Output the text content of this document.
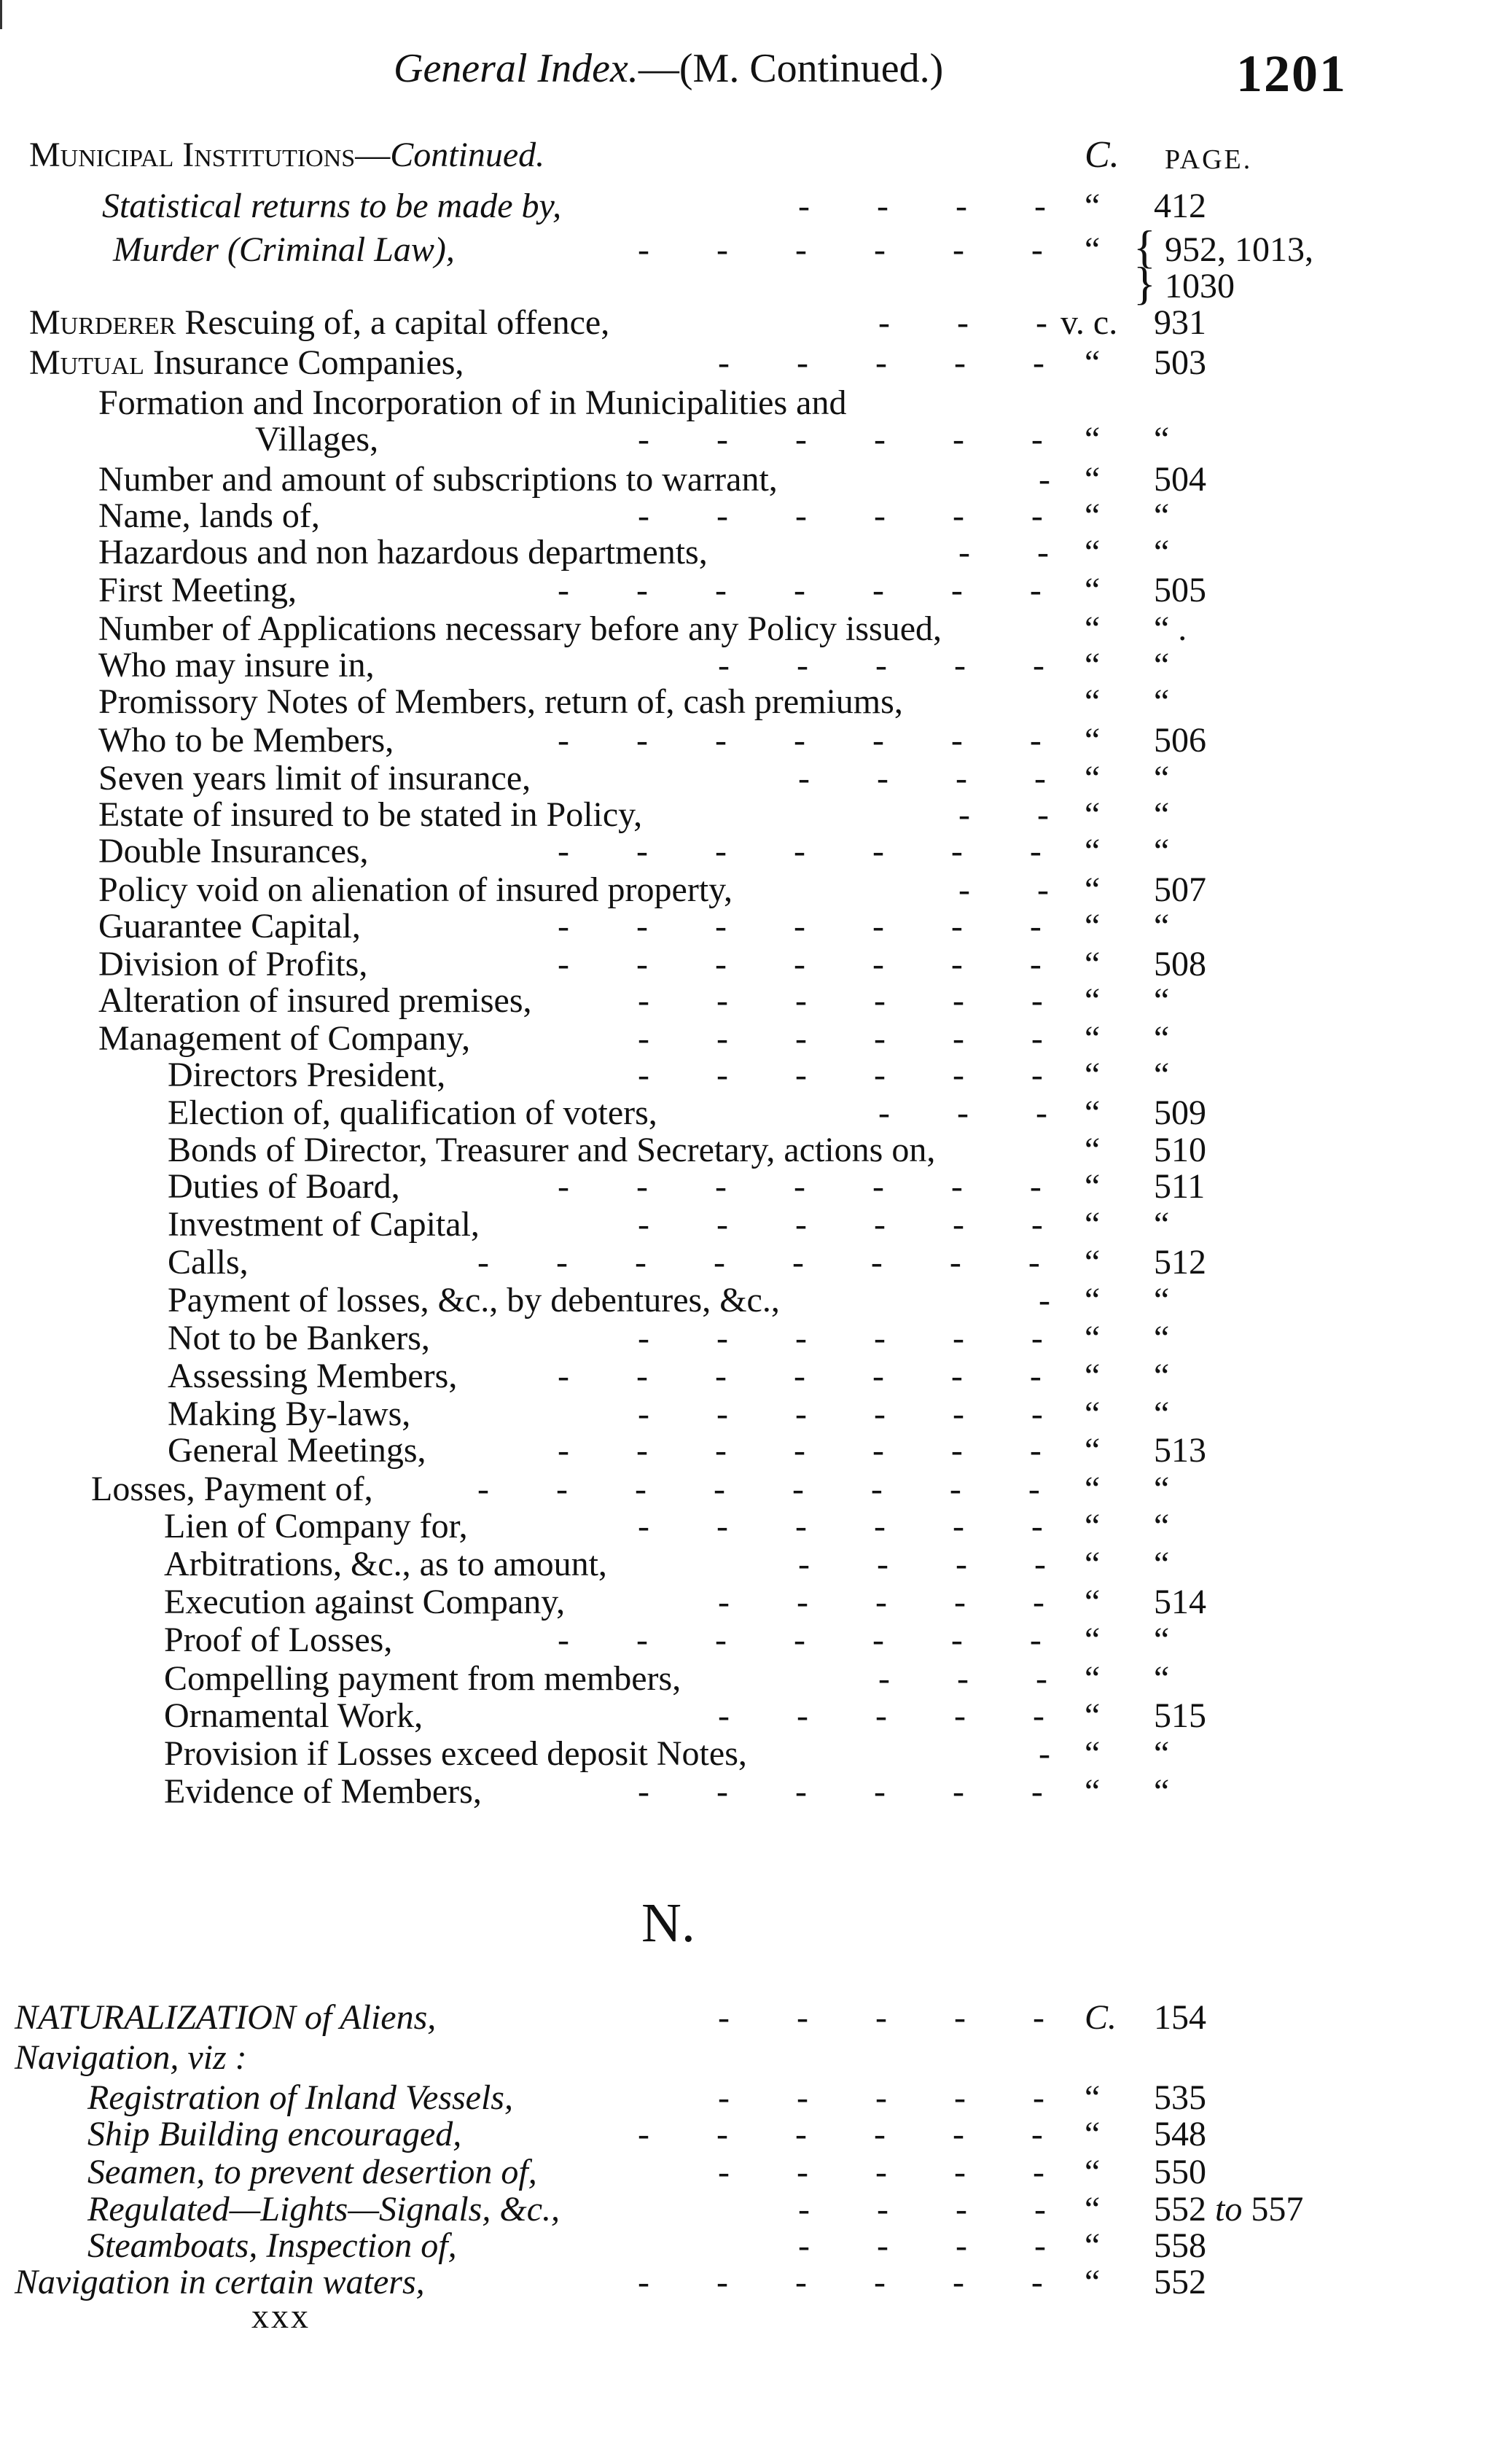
General Index.—(M. Continued.)	1201
C. PAGE.
Municipal Institutions—Continued.
Statistical returns to be made by,	- - - - “ 412
Murder (Criminal Law),	- - - - - - “ { 952, 1013,
} 1030
Murderer Rescuing of, a capital offence,	- - - v. c. 931
Mutual Insurance Companies,	- - - - - “ 503
Formation and Incorporation of in Municipalities and
Villages,	- - - - - - “ “
Number and amount of subscriptions to warrant,	- “ 504
Name, lands of,	- - - - - - “ “
Hazardous and non hazardous departments,	- - “ “
First Meeting,	- - - - - - - “ 505
Number of Applications necessary before any Policy issued,	“ “ .
Who may insure in,	- - - - - “ “
Promissory Notes of Members, return of, cash premiums,	“ “
Who to be Members,	- - - - - - - “ 506
Seven years limit of insurance,	- - - - “ “
Estate of insured to be stated in Policy,	- - “ “
Double Insurances,	- - - - - - - “ “
Policy void on alienation of insured property,	- - “ 507
Guarantee Capital,	- - - - - - - “ “
Division of Profits,	- - - - - - - “ 508
Alteration of insured premises,	- - - - - - “ “
Management of Company,	- - - - - - “ “
Directors President,	- - - - - - “ “
Election of, qualification of voters,	- - - “ 509
Bonds of Director, Treasurer and Secretary, actions on,	“ 510
Duties of Board,	- - - - - - - “ 511
Investment of Capital,	- - - - - - “ “
Calls,	- - - - - - - - “ 512
Payment of losses, &c., by debentures, &c.,	- “ “
Not to be Bankers,	- - - - - - “ “
Assessing Members,	- - - - - - - “ “
Making By-laws,	- - - - - - “ “
General Meetings,	- - - - - - - “ 513
Losses, Payment of,	- - - - - - - - “ “
Lien of Company for,	- - - - - - “ “
Arbitrations, &c., as to amount,	- - - - “ “
Execution against Company,	- - - - - “ 514
Proof of Losses,	- - - - - - - “ “
Compelling payment from members,	- - - “ “
Ornamental Work,	- - - - - “ 515
Provision if Losses exceed deposit Notes,	- “ “
Evidence of Members,	- - - - - - “ “
NATURALIZATION of Aliens,	- - - - - C. 154
Navigation, viz :
Registration of Inland Vessels,	- - - - - “ 535
Ship Building encouraged,	- - - - - - “ 548
Seamen, to prevent desertion of,	- - - - - “ 550
Regulated—Lights—Signals, &c.,	- - - - “ 552 to 557
Steamboats, Inspection of,	- - - - “ 558
Navigation in certain waters,	- - - - - - “ 552
N.
xxx
